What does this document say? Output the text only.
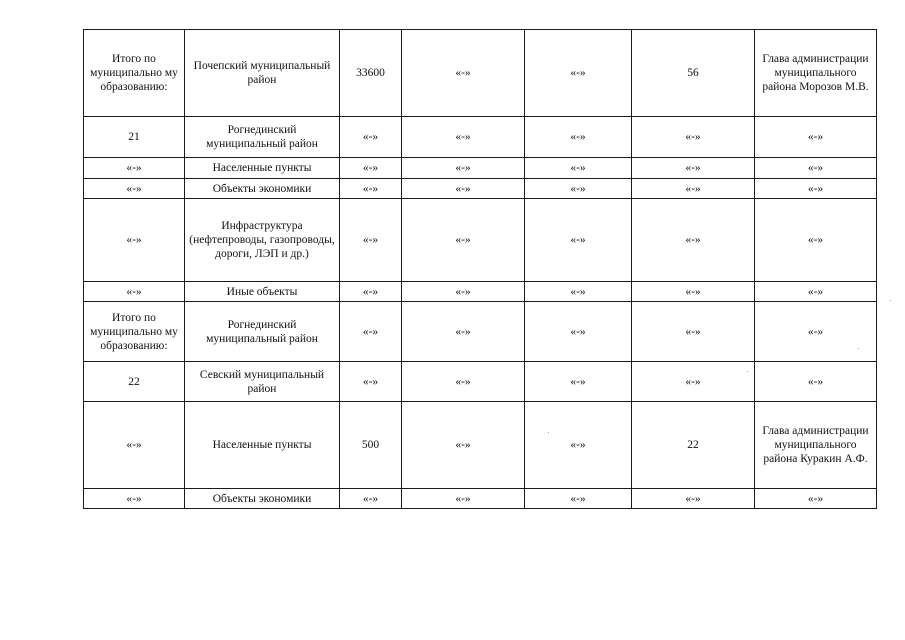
Итого по муниципально му образованию:	Почепский муниципальный район	33600	«-»	«-»	56	Глава администрации муниципального района Морозов М.В.
21	Рогнединский муниципальный район	«-»	«-»	«-»	«-»	«-»
«-»	Населенные пункты	«-»	«-»	«-»	«-»	«-»
«-»	Объекты экономики	«-»	«-»	«-»	«-»	«-»
«-»	Инфраструктура (нефтепроводы, газопроводы, дороги, ЛЭП и др.)	«-»	«-»	«-»	«-»	«-»
«-»	Иные объекты	«-»	«-»	«-»	«-»	«-»
Итого по муниципально му образованию:	Рогнединский муниципальный район	«-»	«-»	«-»	«-»	«-»
22	Севский муниципальный район	«-»	«-»	«-»	«-»	«-»
«-»	Населенные пункты	500	«-»	«-»	22	Глава администрации муниципального района Куракин А.Ф.
«-»	Объекты экономики	«-»	«-»	«-»	«-»	«-»
